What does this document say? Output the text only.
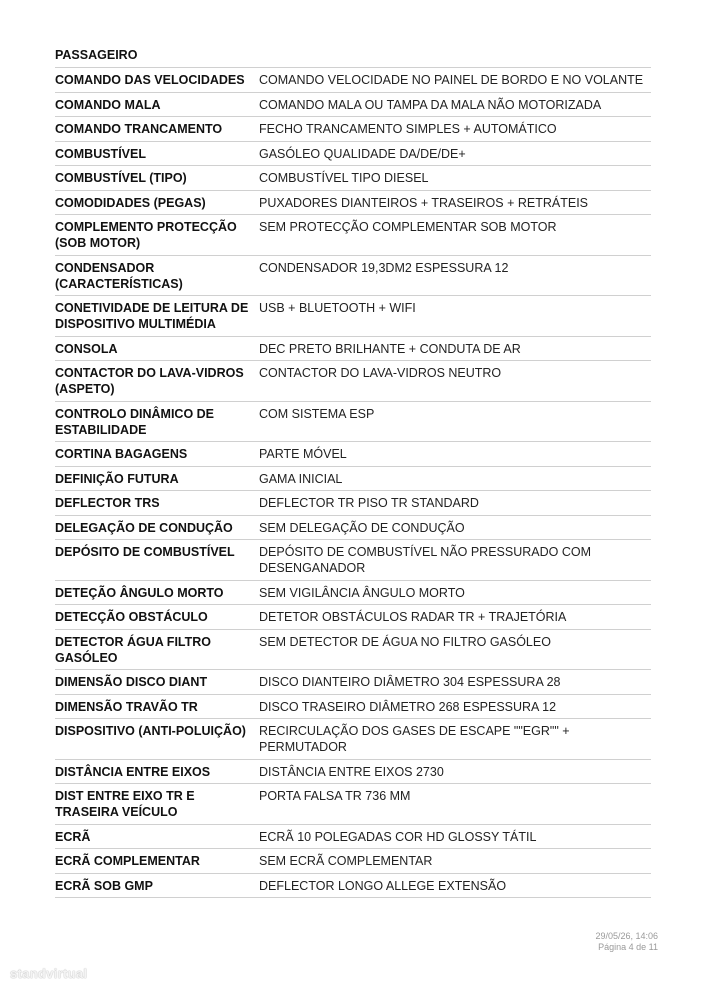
PASSAGEIRO
COMANDO DAS VELOCIDADES	COMANDO VELOCIDADE NO PAINEL DE BORDO E NO VOLANTE
COMANDO MALA	COMANDO MALA OU TAMPA DA MALA NÃO MOTORIZADA
COMANDO TRANCAMENTO	FECHO TRANCAMENTO SIMPLES + AUTOMÁTICO
COMBUSTÍVEL	GASÓLEO QUALIDADE DA/DE/DE+
COMBUSTÍVEL (TIPO)	COMBUSTÍVEL TIPO DIESEL
COMODIDADES (PEGAS)	PUXADORES DIANTEIROS + TRASEIROS + RETRÁTEIS
COMPLEMENTO PROTECÇÃO (SOB MOTOR)	SEM PROTECÇÃO COMPLEMENTAR SOB MOTOR
CONDENSADOR (CARACTERÍSTICAS)	CONDENSADOR 19,3DM2 ESPESSURA 12
CONETIVIDADE DE LEITURA DE DISPOSITIVO MULTIMÉDIA	USB + BLUETOOTH + WIFI
CONSOLA	DEC PRETO BRILHANTE + CONDUTA DE AR
CONTACTOR DO LAVA-VIDROS (ASPETO)	CONTACTOR DO LAVA-VIDROS NEUTRO
CONTROLO DINÂMICO DE ESTABILIDADE	COM SISTEMA ESP
CORTINA BAGAGENS	PARTE MÓVEL
DEFINIÇÃO FUTURA	GAMA INICIAL
DEFLECTOR TRS	DEFLECTOR TR PISO TR STANDARD
DELEGAÇÃO DE CONDUÇÃO	SEM DELEGAÇÃO DE CONDUÇÃO
DEPÓSITO DE COMBUSTÍVEL	DEPÓSITO DE COMBUSTÍVEL NÃO PRESSURADO COM DESENGANADOR
DETEÇÃO ÂNGULO MORTO	SEM VIGILÂNCIA ÂNGULO MORTO
DETECÇÃO OBSTÁCULO	DETETOR OBSTÁCULOS RADAR TR + TRAJETÓRIA
DETECTOR ÁGUA FILTRO GASÓLEO	SEM DETECTOR DE ÁGUA NO FILTRO GASÓLEO
DIMENSÃO DISCO DIANT	DISCO DIANTEIRO DIÂMETRO 304 ESPESSURA 28
DIMENSÃO TRAVÃO TR	DISCO TRASEIRO DIÂMETRO 268 ESPESSURA 12
DISPOSITIVO (ANTI-POLUIÇÃO)	RECIRCULAÇÃO DOS GASES DE ESCAPE ""EGR"" + PERMUTADOR
DISTÂNCIA ENTRE EIXOS	DISTÂNCIA ENTRE EIXOS 2730
DIST ENTRE EIXO TR E TRASEIRA VEÍCULO	PORTA FALSA TR 736 MM
ECRÃ	ECRÃ 10 POLEGADAS COR HD GLOSSY TÁTIL
ECRÃ COMPLEMENTAR	SEM ECRÃ COMPLEMENTAR
ECRÃ SOB GMP	DEFLECTOR LONGO ALLEGE EXTENSÃO
29/05/26, 14:06
Página 4 de 11
standvirtual
